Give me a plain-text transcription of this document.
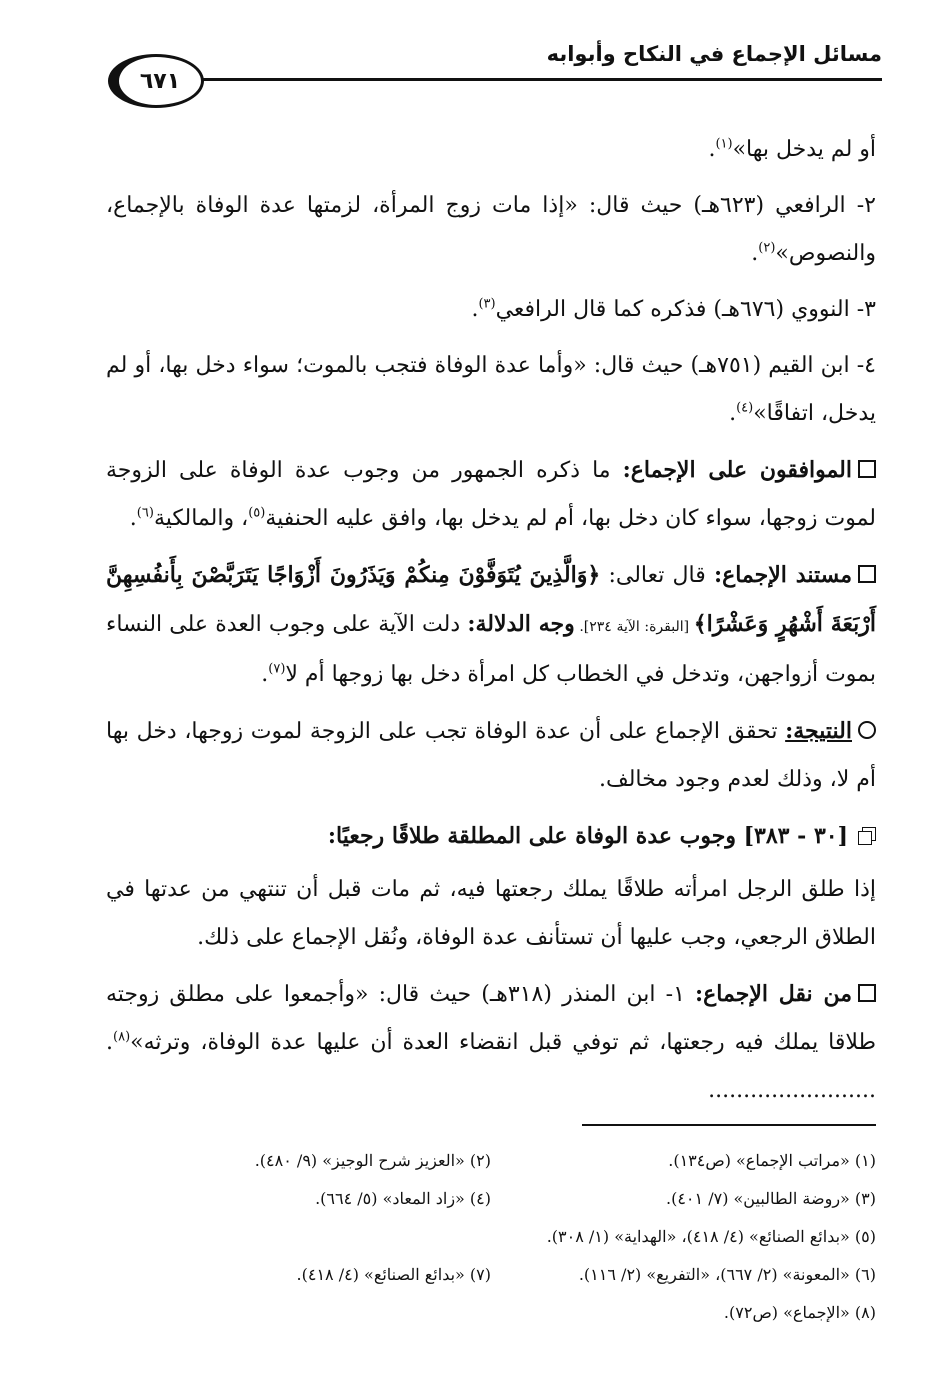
مسائل الإجماع في النكاح وأبوابه
٦٧١

أو لم يدخل بها»$^{(١)}$.

٢- الرافعي (٦٢٣هـ) حيث قال: «إذا مات زوج المرأة، لزمتها عدة الوفاة بالإجماع، والنصوص»$^{(٢)}$.

٣- النووي (٦٧٦هـ) فذكره كما قال الرافعي$^{(٣)}$.

٤- ابن القيم (٧٥١هـ) حيث قال: «وأما عدة الوفاة فتجب بالموت؛ سواء دخل بها، أو لم يدخل، اتفاقًا»$^{(٤)}$.

الموافقون على الإجماع: ما ذكره الجمهور من وجوب عدة الوفاة على الزوجة لموت زوجها، سواء كان دخل بها، أم لم يدخل بها، وافق عليه الحنفية$^{(٥)}$، والمالكية$^{(٦)}$.

مستند الإجماع: قال تعالى: ﴿وَالَّذِينَ يُتَوَفَّوْنَ مِنكُمْ وَيَذَرُونَ أَزْوَاجًا يَتَرَبَّصْنَ بِأَنفُسِهِنَّ أَرْبَعَةَ أَشْهُرٍ وَعَشْرًا﴾ [البقرة: الآية ٢٣٤]. وجه الدلالة: دلت الآية على وجوب العدة على النساء بموت أزواجهن، وتدخل في الخطاب كل امرأة دخل بها زوجها أم لا$^{(٧)}$.

النتيجة: تحقق الإجماع على أن عدة الوفاة تجب على الزوجة لموت زوجها، دخل بها أم لا، وذلك لعدم وجود مخالف.

[٣٠ - ٣٨٣] وجوب عدة الوفاة على المطلقة طلاقًا رجعيًا:

إذا طلق الرجل امرأته طلاقًا يملك رجعتها فيه، ثم مات قبل أن تنتهي من عدتها في الطلاق الرجعي، وجب عليها أن تستأنف عدة الوفاة، ونُقل الإجماع على ذلك.

من نقل الإجماع: ١- ابن المنذر (٣١٨هـ) حيث قال: «وأجمعوا على مطلق زوجته طلاقا يملك فيه رجعتها، ثم توفي قبل انقضاء العدة أن عليها عدة الوفاة، وترثه»$^{(٨)}$. ........................

(١) «مراتب الإجماع» (ص١٣٤).
(٢) «العزيز شرح الوجيز» (٩/ ٤٨٠).
(٣) «روضة الطالبين» (٧/ ٤٠١).
(٤) «زاد المعاد» (٥/ ٦٦٤).
(٥) «بدائع الصنائع» (٤/ ٤١٨)، «الهداية» (١/ ٣٠٨).
(٦) «المعونة» (٢/ ٦٦٧)، «التفريع» (٢/ ١١٦).
(٧) «بدائع الصنائع» (٤/ ٤١٨).
(٨) «الإجماع» (ص٧٢).
